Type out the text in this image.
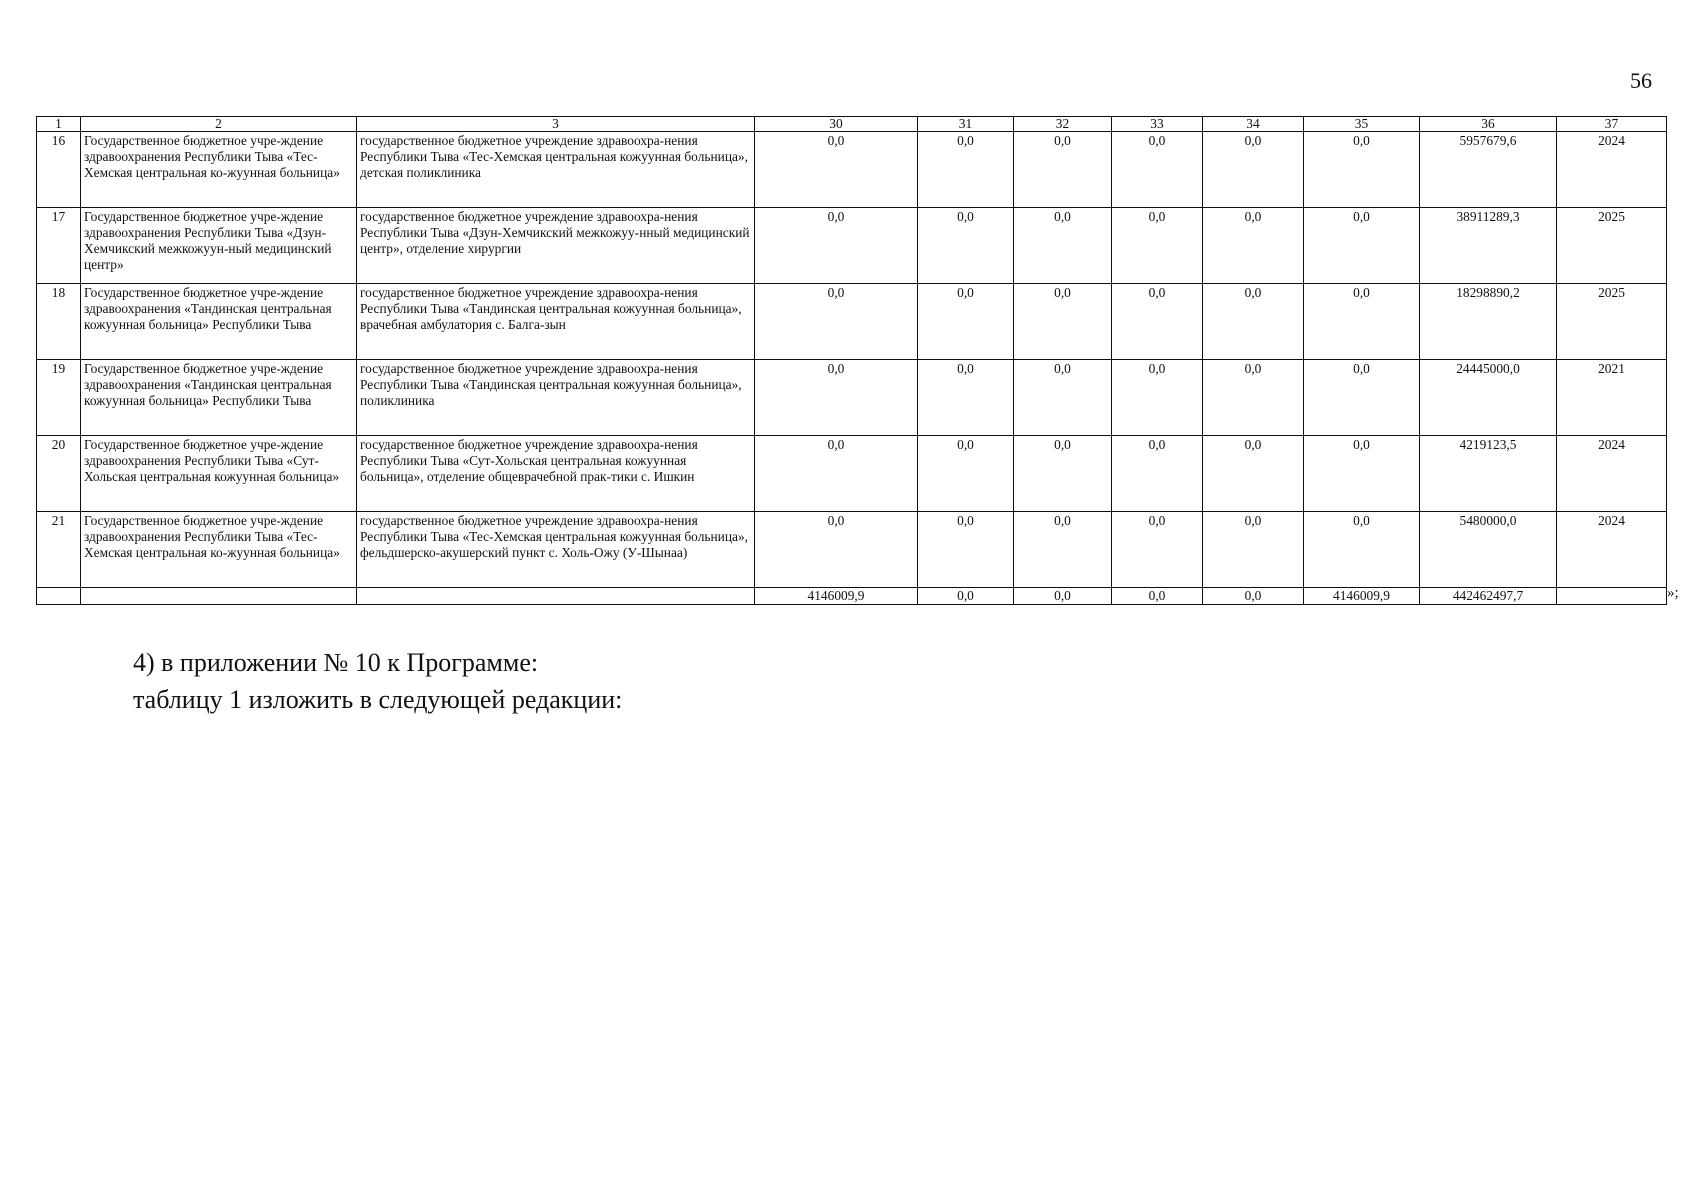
56
1	2	3	30	31	32	33	34	35	36	37
16	Государственное бюджетное учре-ждение здравоохранения Республики Тыва «Тес-Хемская центральная ко-жуунная больница»	государственное бюджетное учреждение здравоохра-нения Республики Тыва «Тес-Хемская центральная кожуунная больница», детская поликлиника	0,0	0,0	0,0	0,0	0,0	0,0	5957679,6	2024
17	Государственное бюджетное учре-ждение здравоохранения Республики Тыва «Дзун-Хемчикский межкожуун-ный медицинский центр»	государственное бюджетное учреждение здравоохра-нения Республики Тыва «Дзун-Хемчикский межкожуу-нный медицинский центр», отделение хирургии	0,0	0,0	0,0	0,0	0,0	0,0	38911289,3	2025
18	Государственное бюджетное учре-ждение здравоохранения «Тандинская центральная кожуунная больница» Республики Тыва	государственное бюджетное учреждение здравоохра-нения Республики Тыва «Тандинская центральная кожуунная больница», врачебная амбулатория с. Балга-зын	0,0	0,0	0,0	0,0	0,0	0,0	18298890,2	2025
19	Государственное бюджетное учре-ждение здравоохранения «Тандинская центральная кожуунная больница» Республики Тыва	государственное бюджетное учреждение здравоохра-нения Республики Тыва «Тандинская центральная кожуунная больница», поликлиника	0,0	0,0	0,0	0,0	0,0	0,0	24445000,0	2021
20	Государственное бюджетное учре-ждение здравоохранения Республики Тыва «Сут-Хольская центральная кожуунная больница»	государственное бюджетное учреждение здравоохра-нения Республики Тыва «Сут-Хольская центральная кожуунная больница», отделение общеврачебной прак-тики с. Ишкин	0,0	0,0	0,0	0,0	0,0	0,0	4219123,5	2024
21	Государственное бюджетное учре-ждение здравоохранения Республики Тыва «Тес-Хемская центральная ко-жуунная больница»	государственное бюджетное учреждение здравоохра-нения Республики Тыва «Тес-Хемская центральная кожуунная больница», фельдшерско-акушерский пункт с. Холь-Ожу (У-Шынаа)	0,0	0,0	0,0	0,0	0,0	0,0	5480000,0	2024
			4146009,9	0,0	0,0	0,0	0,0	4146009,9	442462497,7		»;
4) в приложении № 10 к Программе:
таблицу 1 изложить в следующей редакции:
